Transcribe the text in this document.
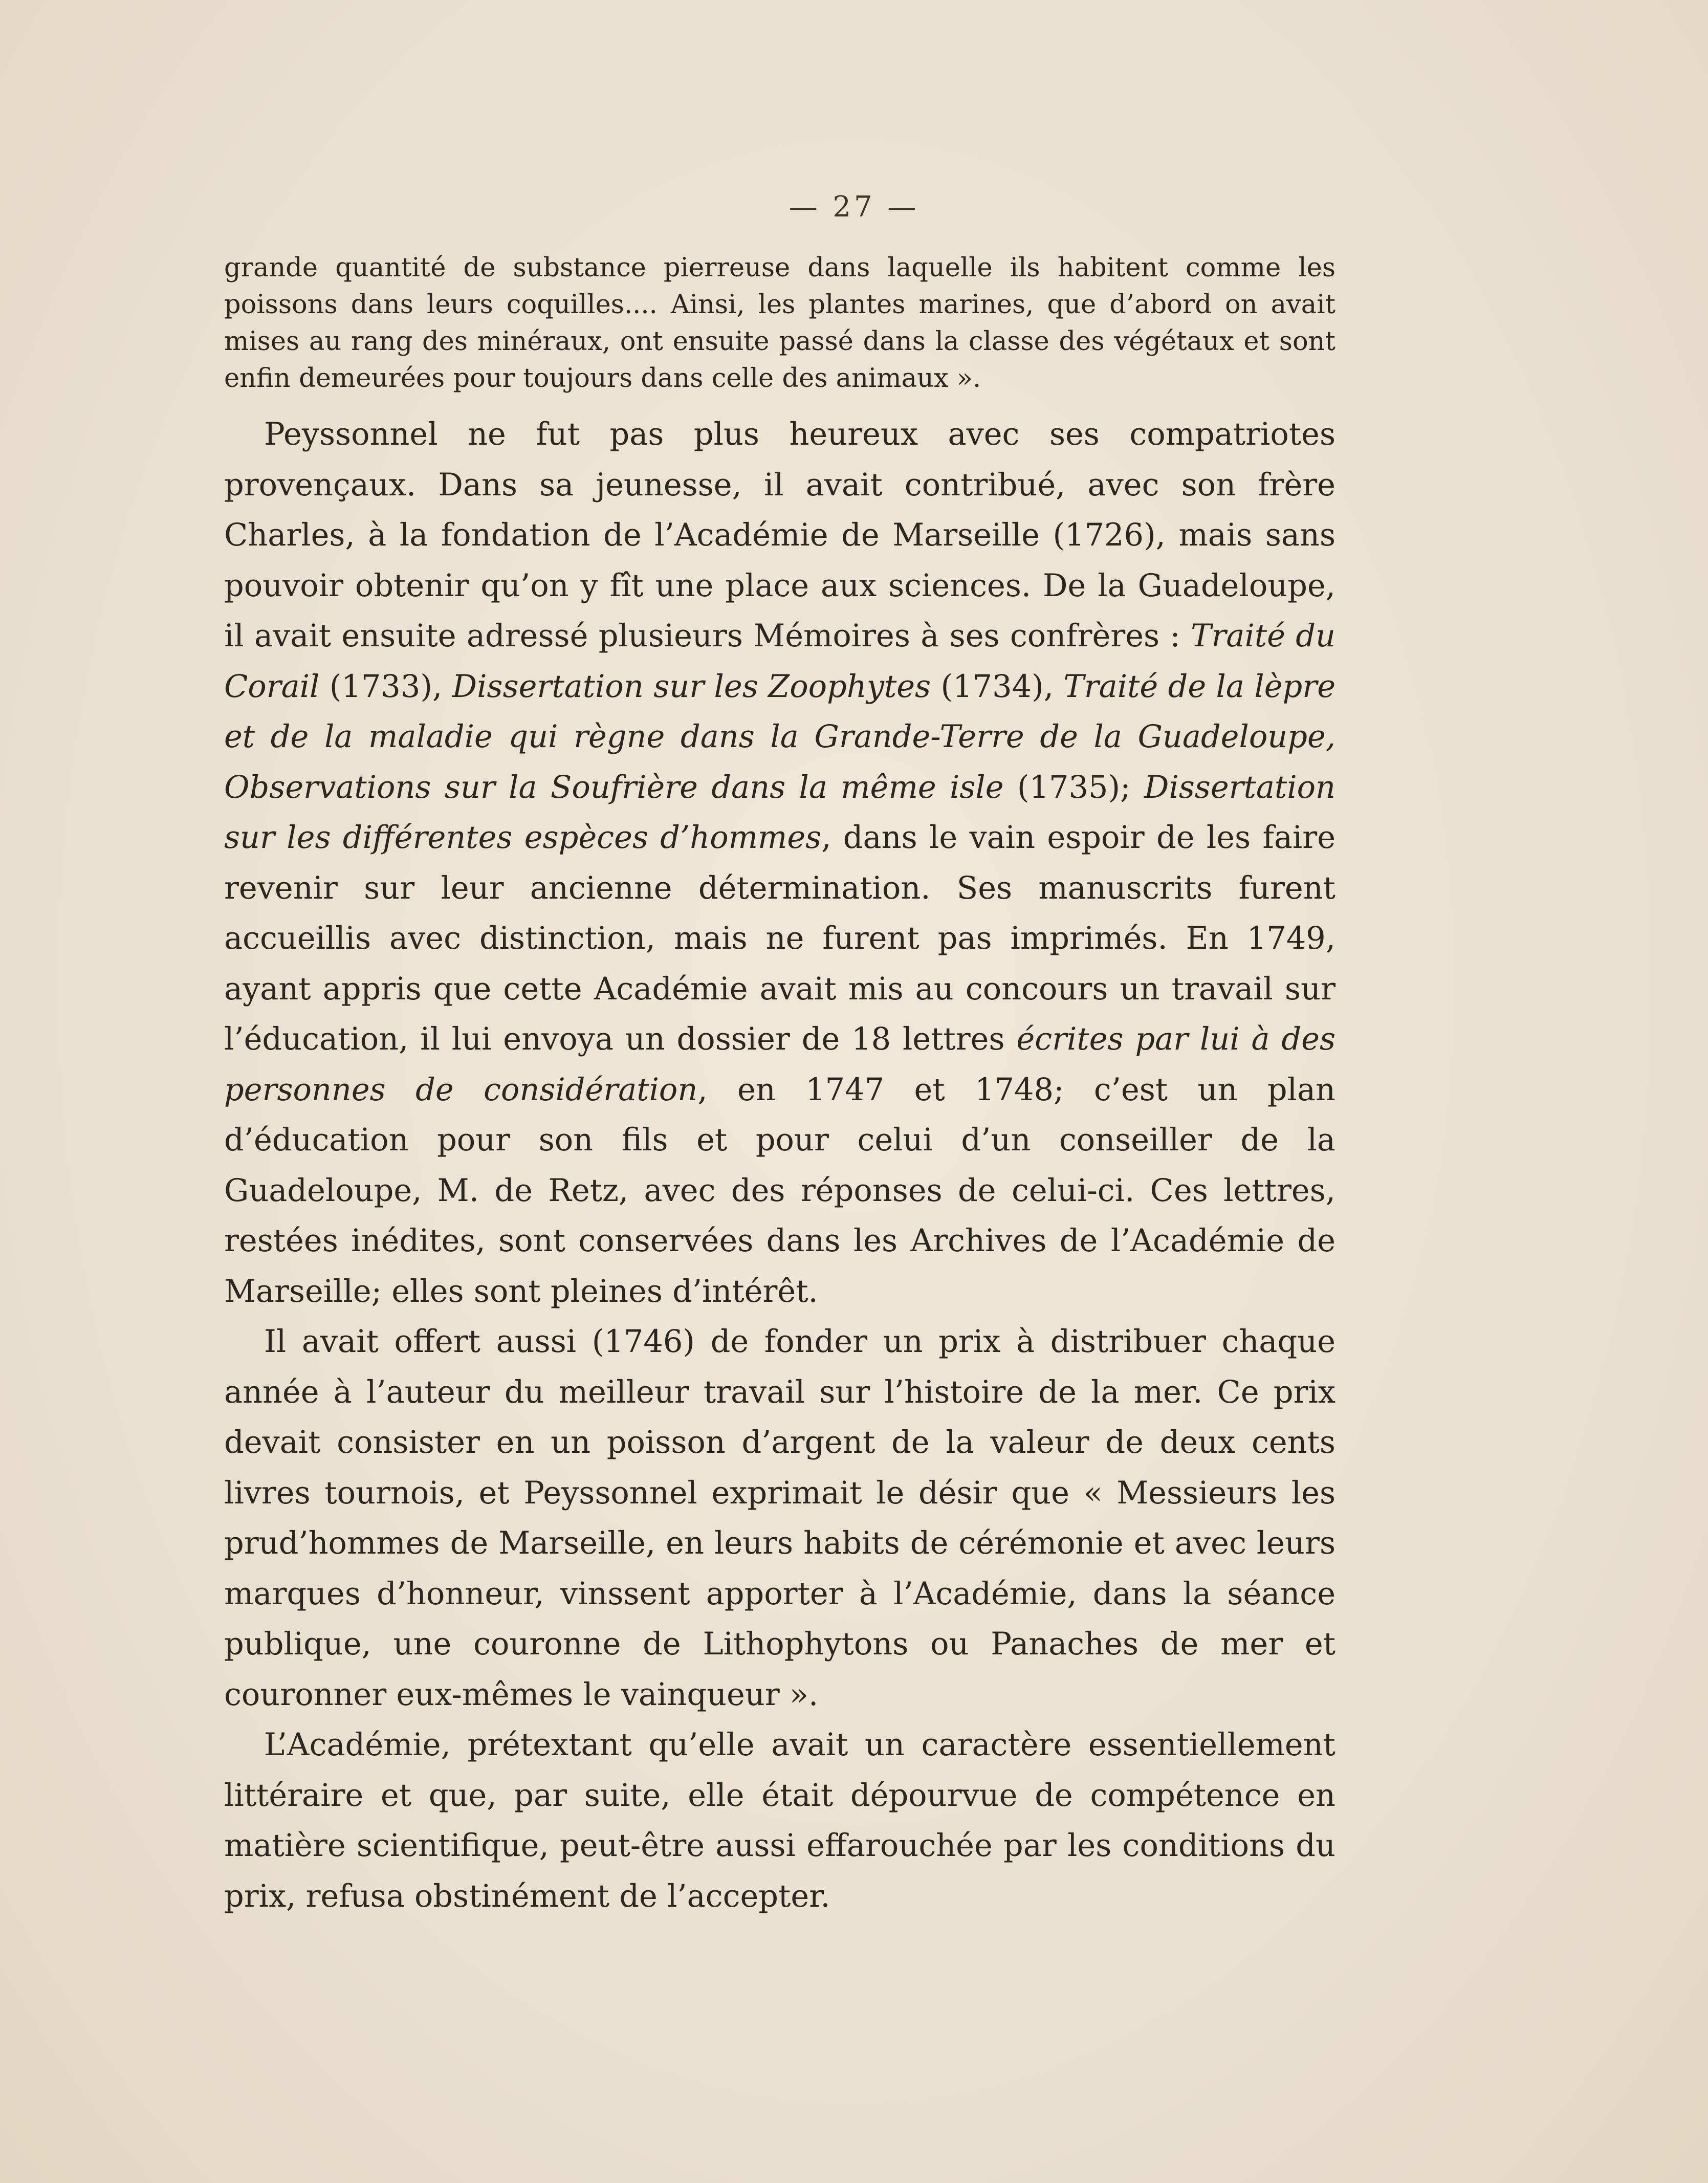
— 27 —

grande quantité de substance pierreuse dans laquelle ils habitent comme les poissons dans leurs coquilles.... Ainsi, les plantes marines, que d’abord on avait mises au rang des minéraux, ont ensuite passé dans la classe des végétaux et sont enfin demeurées pour toujours dans celle des animaux ».

Peyssonnel ne fut pas plus heureux avec ses compatriotes provençaux. Dans sa jeunesse, il avait contribué, avec son frère Charles, à la fondation de l’Académie de Marseille (1726), mais sans pouvoir obtenir qu’on y fît une place aux sciences. De la Guadeloupe, il avait ensuite adressé plusieurs Mémoires à ses confrères : Traité du Corail (1733), Dissertation sur les Zoophytes (1734), Traité de la lèpre et de la maladie qui règne dans la Grande-Terre de la Guadeloupe, Observations sur la Soufrière dans la même isle (1735); Dissertation sur les différentes espèces d’hommes, dans le vain espoir de les faire revenir sur leur ancienne détermination. Ses manuscrits furent accueillis avec distinction, mais ne furent pas imprimés. En 1749, ayant appris que cette Académie avait mis au concours un travail sur l’éducation, il lui envoya un dossier de 18 lettres écrites par lui à des personnes de considération, en 1747 et 1748; c’est un plan d’éducation pour son fils et pour celui d’un conseiller de la Guadeloupe, M. de Retz, avec des réponses de celui-ci. Ces lettres, restées inédites, sont conservées dans les Archives de l’Académie de Marseille; elles sont pleines d’intérêt.

Il avait offert aussi (1746) de fonder un prix à distribuer chaque année à l’auteur du meilleur travail sur l’histoire de la mer. Ce prix devait consister en un poisson d’argent de la valeur de deux cents livres tournois, et Peyssonnel exprimait le désir que « Messieurs les prud’hommes de Marseille, en leurs habits de cérémonie et avec leurs marques d’honneur, vinssent apporter à l’Académie, dans la séance publique, une couronne de Lithophytons ou Panaches de mer et couronner eux-mêmes le vainqueur ».

L’Académie, prétextant qu’elle avait un caractère essentiellement littéraire et que, par suite, elle était dépourvue de compétence en matière scientifique, peut-être aussi effarouchée par les conditions du prix, refusa obstinément de l’accepter.
